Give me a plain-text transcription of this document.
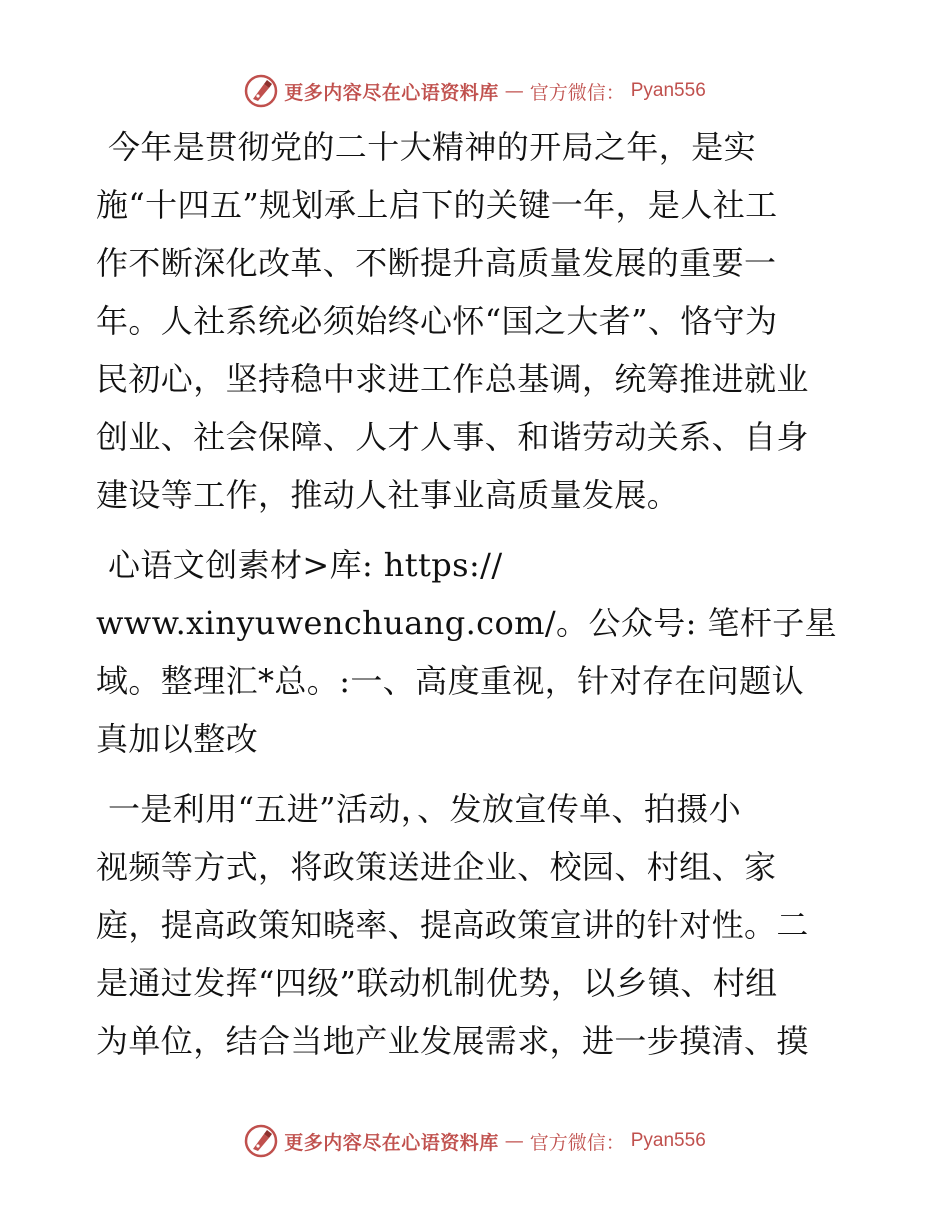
更多内容尽在心语资料库 — 官方微信： Pyan556
今年是贯彻党的二十大精神的开局之年，是实
施“十四五”规划承上启下的关键一年，是人社工
作不断深化改革、不断提升高质量发展的重要一
年。人社系统必须始终心怀“国之大者”、恪守为
民初心，坚持稳中求进工作总基调，统筹推进就业
创业、社会保障、人才人事、和谐劳动关系、自身
建设等工作，推动人社事业高质量发展。
心语文创素材>库: https://
www.xinyuwenchuang.com/。公众号: 笔杆子星
域。整理汇*总。:一、高度重视，针对存在问题认
真加以整改
一是利用“五进”活动，、发放宣传单、拍摄小
视频等方式，将政策送进企业、校园、村组、家
庭，提高政策知晓率、提高政策宣讲的针对性。二
是通过发挥“四级”联动机制优势，以乡镇、村组
为单位，结合当地产业发展需求，进一步摸清、摸
更多内容尽在心语资料库 — 官方微信： Pyan556
